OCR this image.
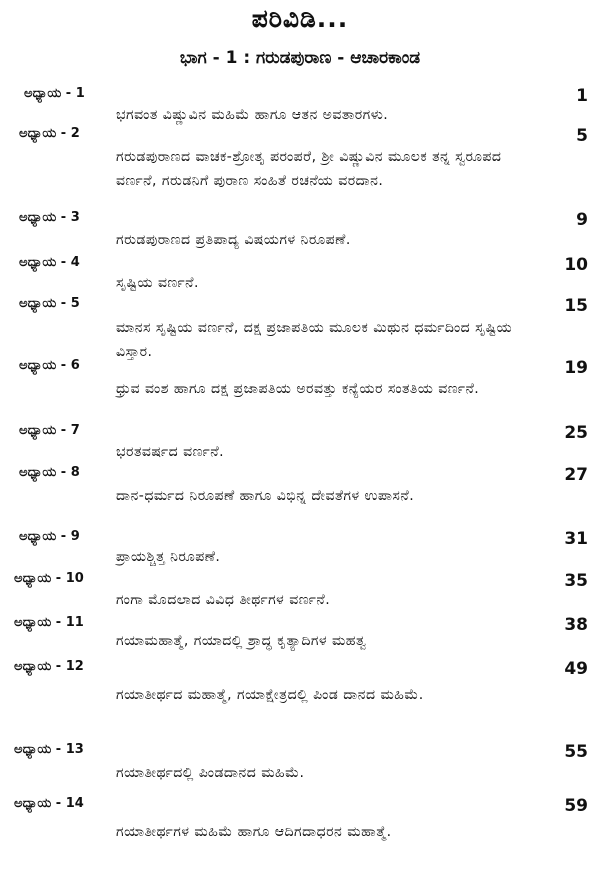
ಪರಿವಿಡಿ...
ಭಾಗ - 1 : ಗರುಡಪುರಾಣ - ಆಚಾರಕಾಂಡ
ಅಧ್ಯಾಯ - 1	1
ಭಗವಂತ ವಿಷ್ಣುವಿನ ಮಹಿಮೆ ಹಾಗೂ ಆತನ ಅವತಾರಗಳು.
ಅಧ್ಯಾಯ - 2	5
ಗರುಡಪುರಾಣದ ವಾಚಕ-ಶ್ರೋತೃ ಪರಂಪರೆ, ಶ್ರೀ ವಿಷ್ಣುವಿನ ಮೂಲಕ ತನ್ನ ಸ್ವರೂಪದ ವರ್ಣನೆ, ಗರುಡನಿಗೆ ಪುರಾಣ ಸಂಹಿತೆ ರಚನೆಯ ವರದಾನ.
ಅಧ್ಯಾಯ - 3	9
ಗರುಡಪುರಾಣದ ಪ್ರತಿಪಾದ್ಯ ವಿಷಯಗಳ ನಿರೂಪಣೆ.
ಅಧ್ಯಾಯ - 4	10
ಸೃಷ್ಟಿಯ ವರ್ಣನೆ.
ಅಧ್ಯಾಯ - 5	15
ಮಾನಸ ಸೃಷ್ಟಿಯ ವರ್ಣನೆ, ದಕ್ಷ ಪ್ರಜಾಪತಿಯ ಮೂಲಕ ಮಿಥುನ ಧರ್ಮದಿಂದ ಸೃಷ್ಟಿಯ ವಿಸ್ತಾರ.
ಅಧ್ಯಾಯ - 6	19
ಧ್ರುವ ವಂಶ ಹಾಗೂ ದಕ್ಷ ಪ್ರಜಾಪತಿಯ ಅರವತ್ತು ಕನ್ಯೆಯರ ಸಂತತಿಯ ವರ್ಣನೆ.
ಅಧ್ಯಾಯ - 7	25
ಭರತವರ್ಷದ ವರ್ಣನೆ.
ಅಧ್ಯಾಯ - 8	27
ದಾನ-ಧರ್ಮದ ನಿರೂಪಣೆ ಹಾಗೂ ವಿಭಿನ್ನ ದೇವತೆಗಳ ಉಪಾಸನೆ.
ಅಧ್ಯಾಯ - 9	31
ಪ್ರಾಯಶ್ಚಿತ್ತ ನಿರೂಪಣೆ.
ಅಧ್ಯಾಯ - 10	35
ಗಂಗಾ ಮೊದಲಾದ ವಿವಿಧ ತೀರ್ಥಗಳ ವರ್ಣನೆ.
ಅಧ್ಯಾಯ - 11	38
ಗಯಾಮಹಾತ್ಮೆ, ಗಯಾದಲ್ಲಿ ಶ್ರಾದ್ಧ ಕೃತ್ಯಾದಿಗಳ ಮಹತ್ವ
ಅಧ್ಯಾಯ - 12	49
ಗಯಾತೀರ್ಥದ ಮಹಾತ್ಮೆ, ಗಯಾಕ್ಷೇತ್ರದಲ್ಲಿ ಪಿಂಡ ದಾನದ ಮಹಿಮೆ.
ಅಧ್ಯಾಯ - 13	55
ಗಯಾತೀರ್ಥದಲ್ಲಿ ಪಿಂಡದಾನದ ಮಹಿಮೆ.
ಅಧ್ಯಾಯ - 14	59
ಗಯಾತೀರ್ಥಗಳ ಮಹಿಮೆ ಹಾಗೂ ಆದಿಗದಾಧರನ ಮಹಾತ್ಮೆ.
